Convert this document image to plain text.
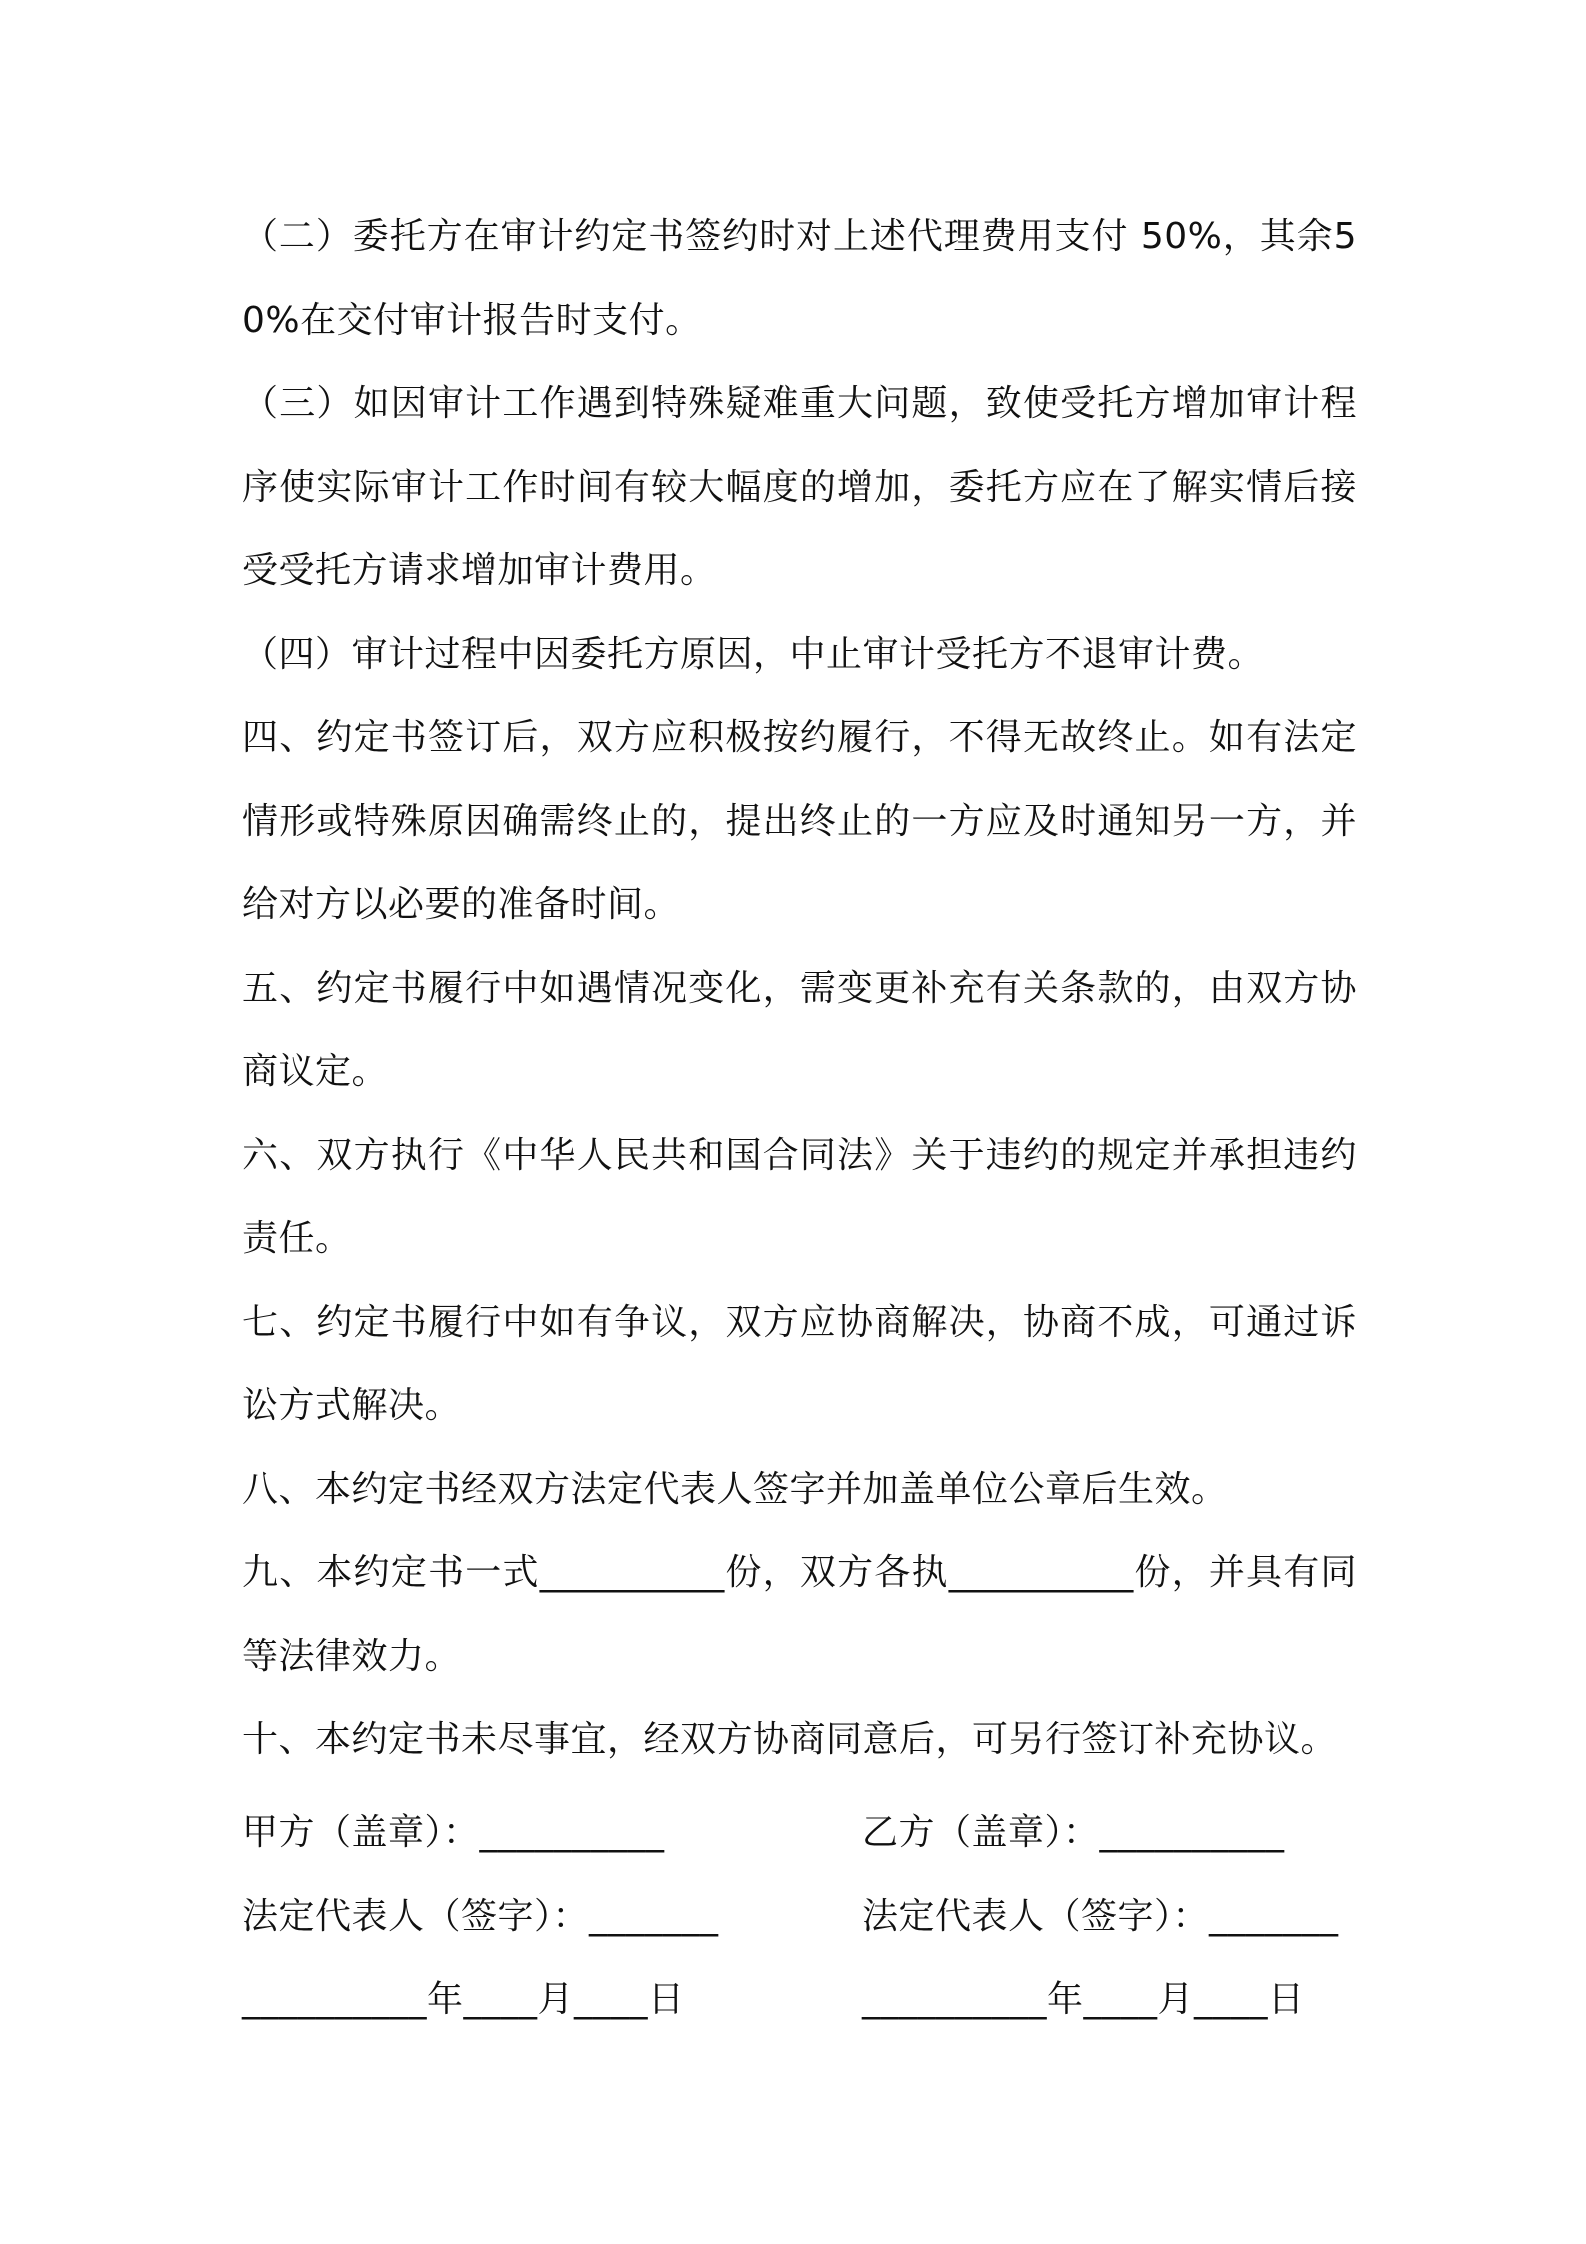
（二）委托方在审计约定书签约时对上述代理费用支付 50%，其余50%在交付审计报告时支付。

（三）如因审计工作遇到特殊疑难重大问题，致使受托方增加审计程序使实际审计工作时间有较大幅度的增加，委托方应在了解实情后接受受托方请求增加审计费用。

（四）审计过程中因委托方原因，中止审计受托方不退审计费。

四、约定书签订后，双方应积极按约履行，不得无故终止。如有法定情形或特殊原因确需终止的，提出终止的一方应及时通知另一方，并给对方以必要的准备时间。

五、约定书履行中如遇情况变化，需变更补充有关条款的，由双方协商议定。

六、双方执行《中华人民共和国合同法》关于违约的规定并承担违约责任。

七、约定书履行中如有争议，双方应协商解决，协商不成，可通过诉讼方式解决。

八、本约定书经双方法定代表人签字并加盖单位公章后生效。

九、本约定书一式__________份，双方各执__________份，并具有同等法律效力。

十、本约定书未尽事宜，经双方协商同意后，可另行签订补充协议。

甲方（盖章）：__________	乙方（盖章）：__________
法定代表人（签字）：_______	法定代表人（签字）：_______
__________年____月____日	__________年____月____日
